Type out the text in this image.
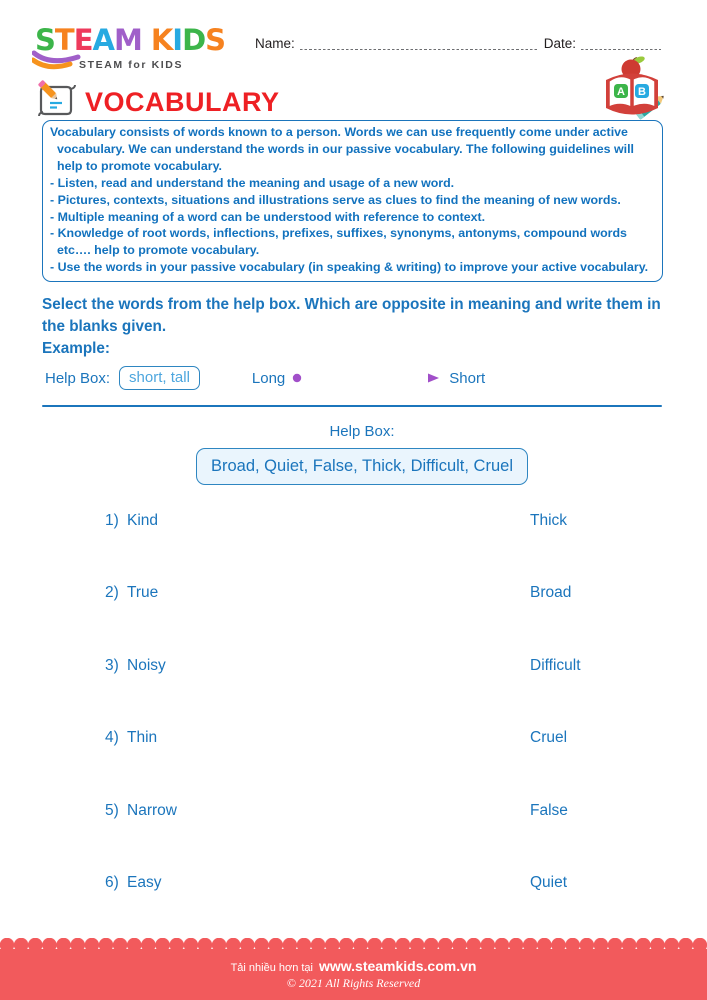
STEAM KIDS
STEAM for KIDS
Name:	Date:
A B
VOCABULARY
Vocabulary consists of words known to a person. Words we can use frequently come under active vocabulary. We can understand the words in our passive vocabulary. The following guidelines will help to promote vocabulary.
- Listen, read and understand the meaning and usage of a new word.
- Pictures, contexts, situations and illustrations serve as clues to find the meaning of new words.
- Multiple meaning of a word can be understood with reference to context.
- Knowledge of root words, inflections, prefixes, suffixes, synonyms, antonyms, compound words etc…. help to promote vocabulary.
- Use the words in your passive vocabulary (in speaking & writing) to improve your active vocabulary.
Select the words from the help box. Which are opposite in meaning and write them in the blanks given.
Example:
Help Box:	short, tall	Long	Short
Help Box:
Broad, Quiet, False, Thick, Difficult, Cruel
1) Kind	Thick
2) True	Broad
3) Noisy	Difficult
4) Thin	Cruel
5) Narrow	False
6) Easy	Quiet
Tải nhiều hơn tại www.steamkids.com.vn
© 2021 All Rights Reserved
